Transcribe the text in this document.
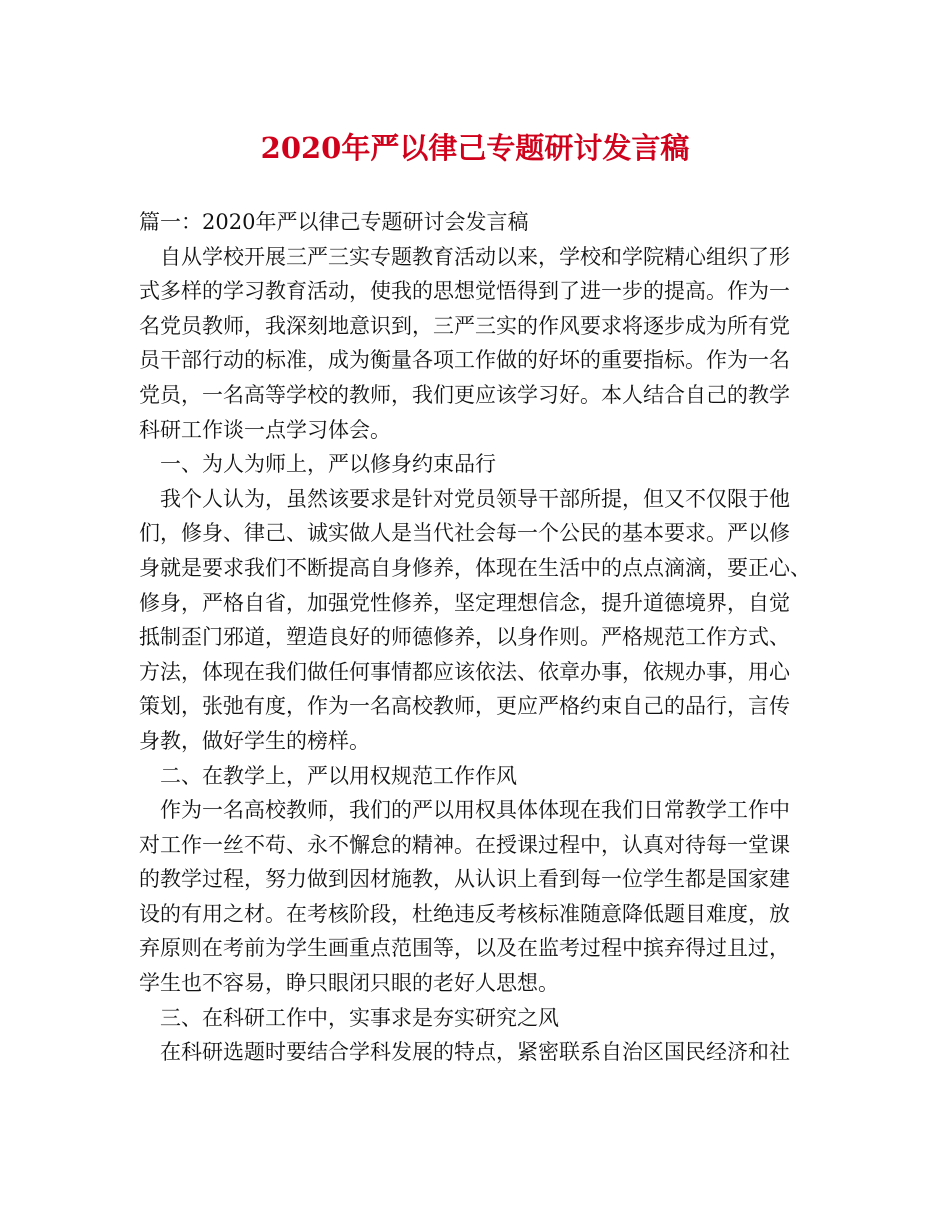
2020年严以律己专题研讨发言稿
篇一：2020年严以律己专题研讨会发言稿
自从学校开展三严三实专题教育活动以来，学校和学院精心组织了形
式多样的学习教育活动，使我的思想觉悟得到了进一步的提高。作为一
名党员教师，我深刻地意识到，三严三实的作风要求将逐步成为所有党
员干部行动的标准，成为衡量各项工作做的好坏的重要指标。作为一名
党员，一名高等学校的教师，我们更应该学习好。本人结合自己的教学
科研工作谈一点学习体会。
一、为人为师上，严以修身约束品行
我个人认为，虽然该要求是针对党员领导干部所提，但又不仅限于他
们，修身、律己、诚实做人是当代社会每一个公民的基本要求。严以修
身就是要求我们不断提高自身修养，体现在生活中的点点滴滴，要正心、
修身，严格自省，加强党性修养，坚定理想信念，提升道德境界，自觉
抵制歪门邪道，塑造良好的师德修养，以身作则。严格规范工作方式、
方法，体现在我们做任何事情都应该依法、依章办事，依规办事，用心
策划，张弛有度，作为一名高校教师，更应严格约束自己的品行，言传
身教，做好学生的榜样。
二、在教学上，严以用权规范工作作风
作为一名高校教师，我们的严以用权具体体现在我们日常教学工作中
对工作一丝不苟、永不懈怠的精神。在授课过程中，认真对待每一堂课
的教学过程，努力做到因材施教，从认识上看到每一位学生都是国家建
设的有用之材。在考核阶段，杜绝违反考核标准随意降低题目难度，放
弃原则在考前为学生画重点范围等，以及在监考过程中摈弃得过且过，
学生也不容易，睁只眼闭只眼的老好人思想。
三、在科研工作中，实事求是夯实研究之风
在科研选题时要结合学科发展的特点，紧密联系自治区国民经济和社
